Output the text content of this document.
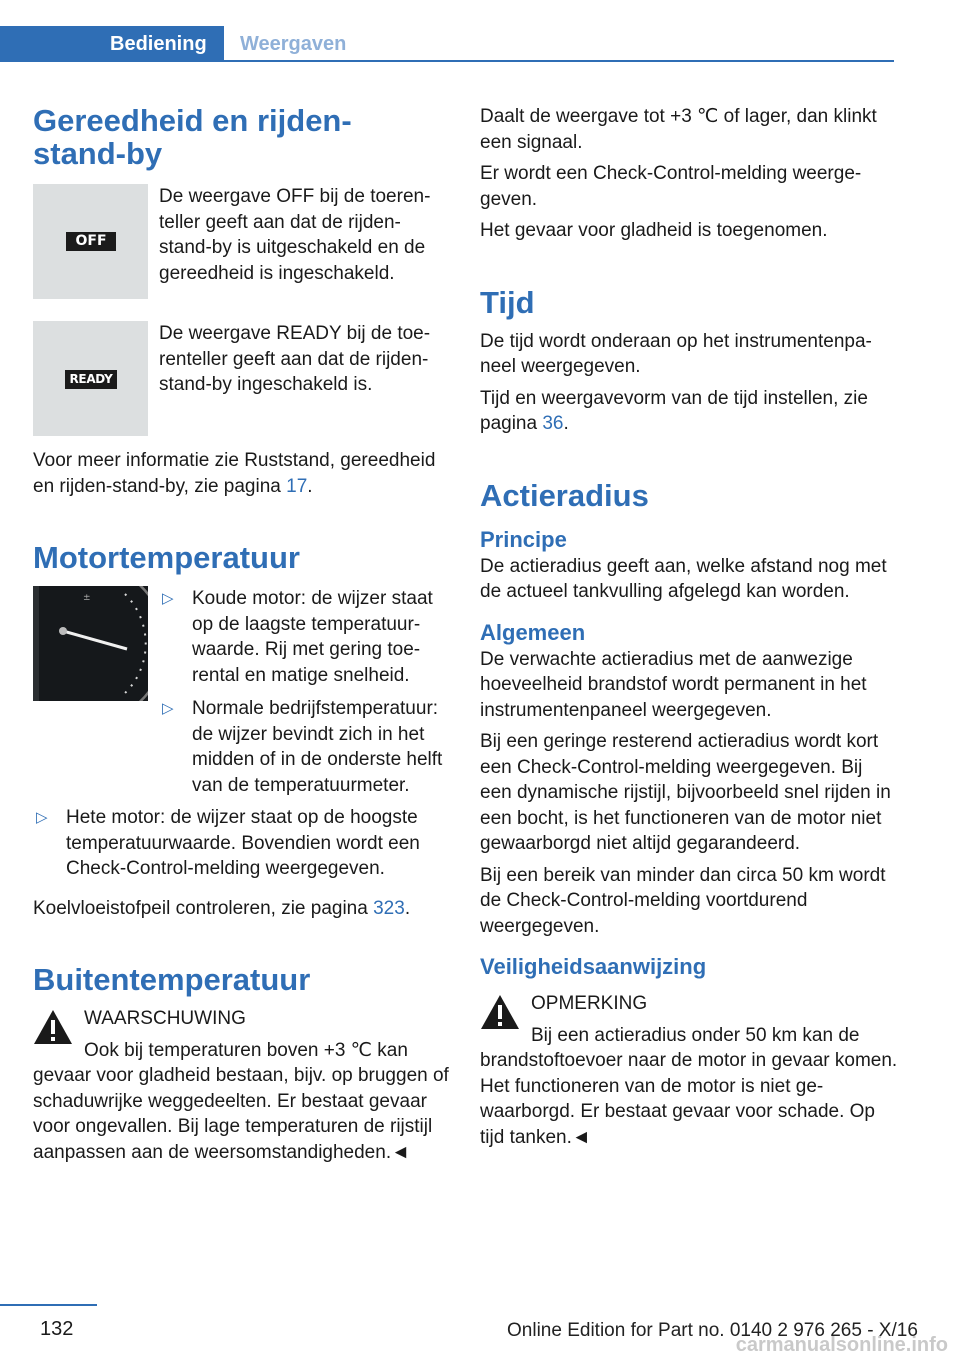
Bediening	Weergaven
Gereedheid en rijden-stand-by
OFF

De weergave OFF bij de toerenteller geeft aan dat de rijden-stand-by is uitgeschakeld en de gereedheid is ingeschakeld.

READY

De weergave READY bij de toerenteller geeft aan dat de rijden-stand-by ingeschakeld is.

Voor meer informatie zie Ruststand, gereedheid en rijden-stand-by, zie pagina 17.

Motortemperatuur
±	▷ Koude motor: de wijzer staat op de laagste temperatuurwaarde. Rij met gering toerental en matige snelheid.
▷ Normale bedrijfstemperatuur: de wijzer bevindt zich in het midden of in de onderste helft van de temperatuurmeter.
▷ Hete motor: de wijzer staat op de hoogste temperatuurwaarde. Bovendien wordt een Check-Control-melding weergegeven.

Koelvloeistofpeil controleren, zie pagina 323.

Buitentemperatuur

WAARSCHUWING

Ook bij temperaturen boven +3 ℃ kan gevaar voor gladheid bestaan, bijv. op bruggen of schaduwrijke weggedeelten. Er bestaat gevaar voor ongevallen. Bij lage temperaturen de rijstijl aanpassen aan de weersomstandigheden.◄

Daalt de weergave tot +3 ℃ of lager, dan klinkt een signaal.

Er wordt een Check-Control-melding weergegeven.

Het gevaar voor gladheid is toegenomen.

Tijd

De tijd wordt onderaan op het instrumentenpaneel weergegeven.

Tijd en weergavevorm van de tijd instellen, zie pagina 36.

Actieradius
Principe

De actieradius geeft aan, welke afstand nog met de actueel tankvulling afgelegd kan worden.

Algemeen

De verwachte actieradius met de aanwezige hoeveelheid brandstof wordt permanent in het instrumentenpaneel weergegeven.

Bij een geringe resterend actieradius wordt kort een Check-Control-melding weergegeven. Bij een dynamische rijstijl, bijvoorbeeld snel rijden in een bocht, is het functioneren van de motor niet gewaarborgd niet altijd gegarandeerd.

Bij een bereik van minder dan circa 50 km wordt de Check-Control-melding voortdurend weergegeven.

Veiligheidsaanwijzing

OPMERKING

Bij een actieradius onder 50 km kan de brandstoftoevoer naar de motor in gevaar komen. Het functioneren van de motor is niet gewaarborgd. Er bestaat gevaar voor schade. Op tijd tanken.◄

132	Online Edition for Part no. 0140 2 976 265 - X/16
carmanualsonline.info
